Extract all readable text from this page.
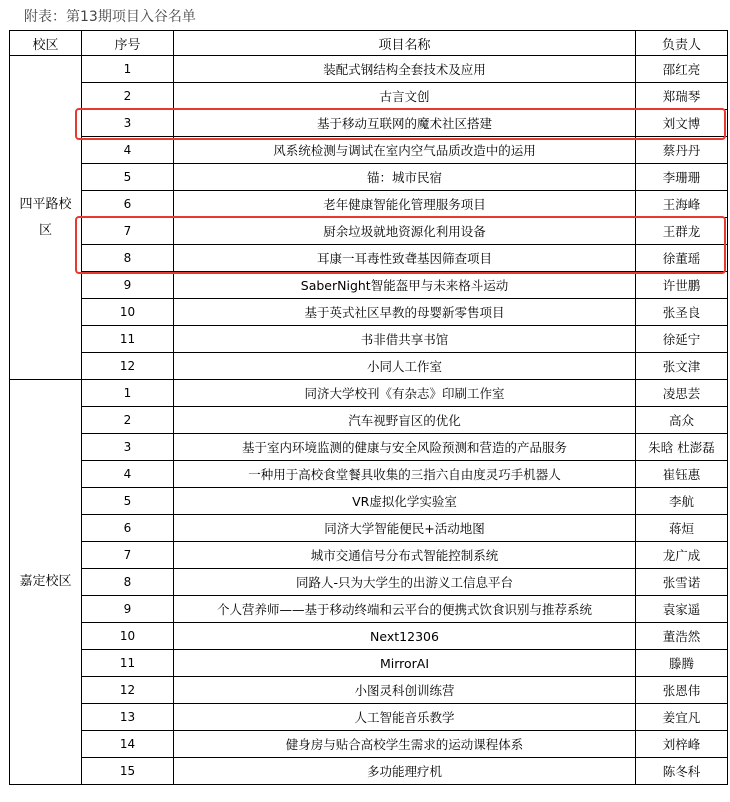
附表：第13期项目入谷名单
校区	序号	项目名称	负责人
四平路校区	1	装配式钢结构全套技术及应用	邵红亮
	2	古言文创	郑瑞琴
	3	基于移动互联网的魔术社区搭建	刘文博
	4	风系统检测与调试在室内空气品质改造中的运用	蔡丹丹
	5	锚：城市民宿	李珊珊
	6	老年健康智能化管理服务项目	王海峰
	7	厨余垃圾就地资源化利用设备	王群龙
	8	耳康一耳毒性致聋基因筛查项目	徐董瑶
	9	SaberNight智能盔甲与未来格斗运动	许世鹏
	10	基于英式社区早教的母婴新零售项目	张圣良
	11	书非借共享书馆	徐延宁
	12	小同人工作室	张文津
嘉定校区	1	同济大学校刊《有杂志》印刷工作室	凌思芸
	2	汽车视野盲区的优化	高众
	3	基于室内环境监测的健康与安全风险预测和营造的产品服务	朱晗 杜澎磊
	4	一种用于高校食堂餐具收集的三指六自由度灵巧手机器人	崔钰惠
	5	VR虚拟化学实验室	李航
	6	同济大学智能便民+活动地图	蒋烜
	7	城市交通信号分布式智能控制系统	龙广成
	8	同路人-只为大学生的出游义工信息平台	张雪诺
	9	个人营养师——基于移动终端和云平台的便携式饮食识别与推荐系统	袁家遥
	10	Next12306	董浩然
	11	MirrorAI	滕腾
	12	小图灵科创训练营	张恩伟
	13	人工智能音乐教学	姜宜凡
	14	健身房与贴合高校学生需求的运动课程体系	刘梓峰
	15	多功能理疗机	陈冬科
